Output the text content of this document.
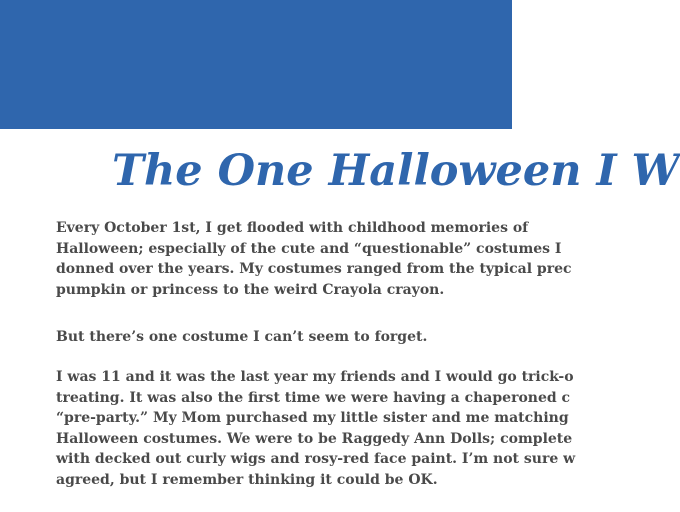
The One Halloween I W

Every October 1st, I get flooded with childhood memories of
Halloween; especially of the cute and “questionable” costumes I
donned over the years. My costumes ranged from the typical prec
pumpkin or princess to the weird Crayola crayon.

But there’s one costume I can’t seem to forget.

I was 11 and it was the last year my friends and I would go trick-o
treating. It was also the first time we were having a chaperoned c
“pre-party.” My Mom purchased my little sister and me matching
Halloween costumes. We were to be Raggedy Ann Dolls; complete
with decked out curly wigs and rosy-red face paint. I’m not sure w
agreed, but I remember thinking it could be OK.
